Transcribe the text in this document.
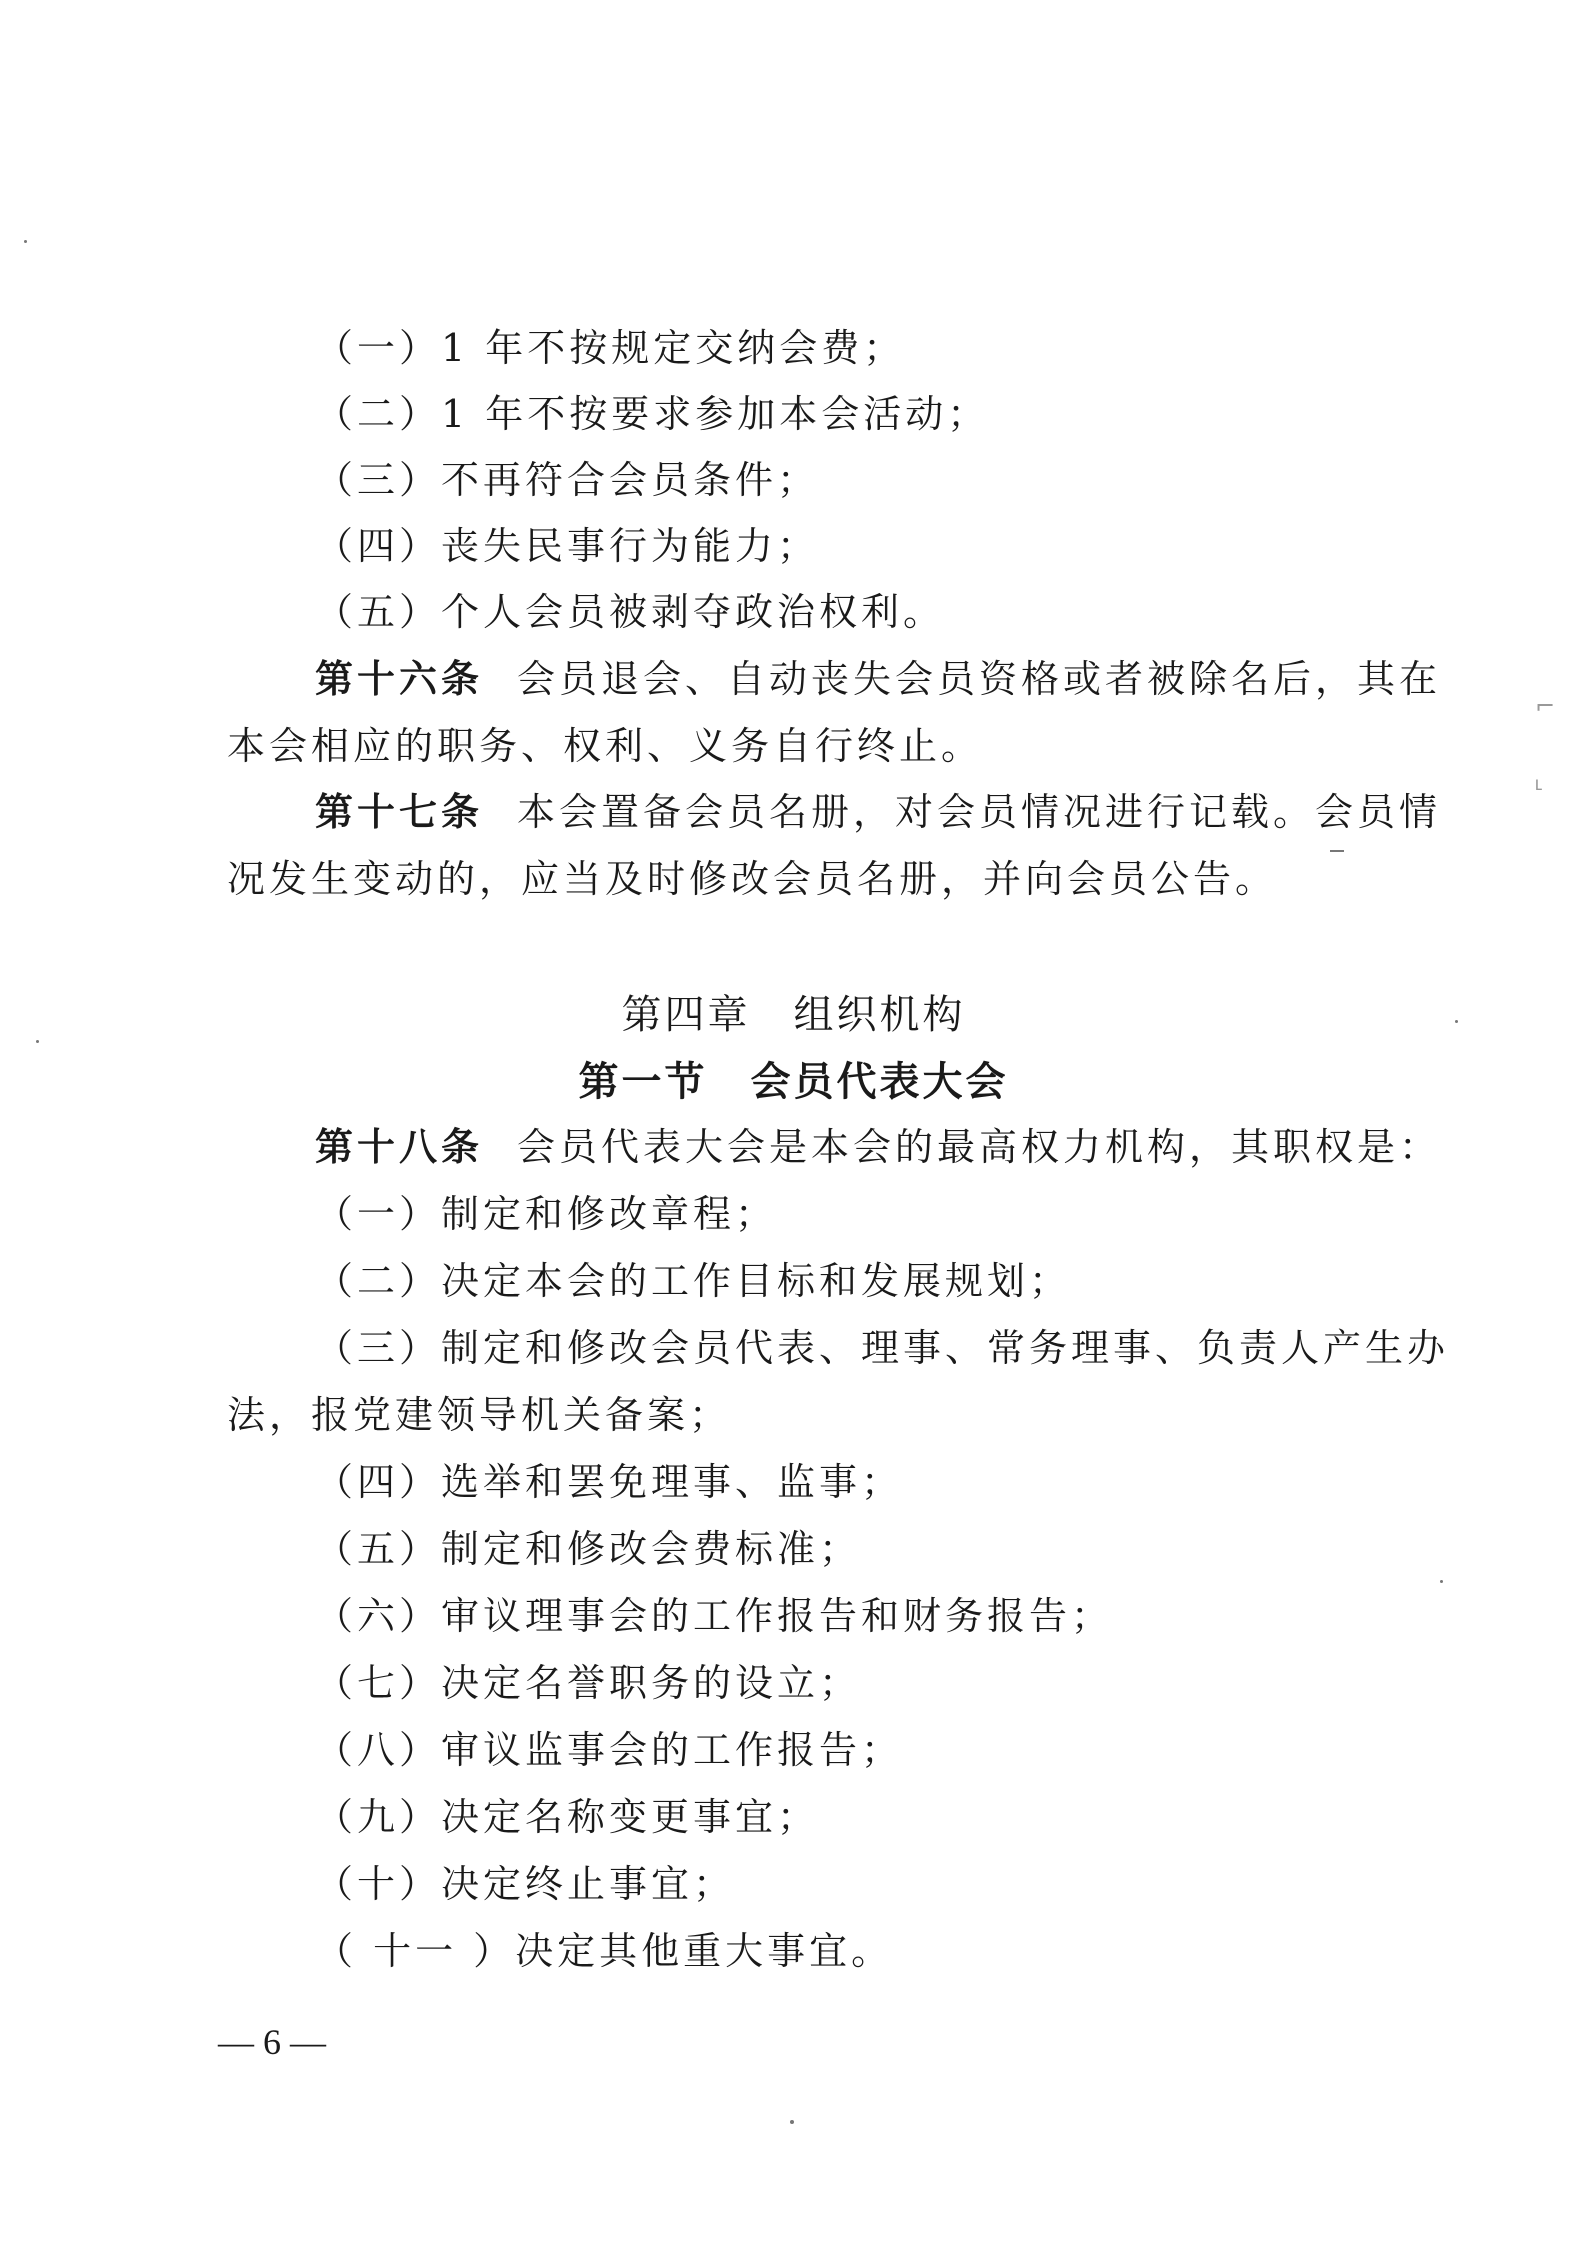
（一）1 年不按规定交纳会费；
（二）1 年不按要求参加本会活动；
（三）不再符合会员条件；
（四）丧失民事行为能力；
（五）个人会员被剥夺政治权利。
第十六条 会员退会、自动丧失会员资格或者被除名后，其在
本会相应的职务、权利、义务自行终止。
第十七条 本会置备会员名册，对会员情况进行记载。会员情
况发生变动的，应当及时修改会员名册，并向会员公告。
第四章　组织机构
第一节　会员代表大会
第十八条 会员代表大会是本会的最高权力机构，其职权是：
（一）制定和修改章程；
（二）决定本会的工作目标和发展规划；
（三）制定和修改会员代表、理事、常务理事、负责人产生办
法，报党建领导机关备案；
（四）选举和罢免理事、监事；
（五）制定和修改会费标准；
（六）审议理事会的工作报告和财务报告；
（七）决定名誉职务的设立；
（八）审议监事会的工作报告；
（九）决定名称变更事宜；
（十）决定终止事宜；
（ 十一 ）决定其他重大事宜。
— 6 —
⌐
˪
